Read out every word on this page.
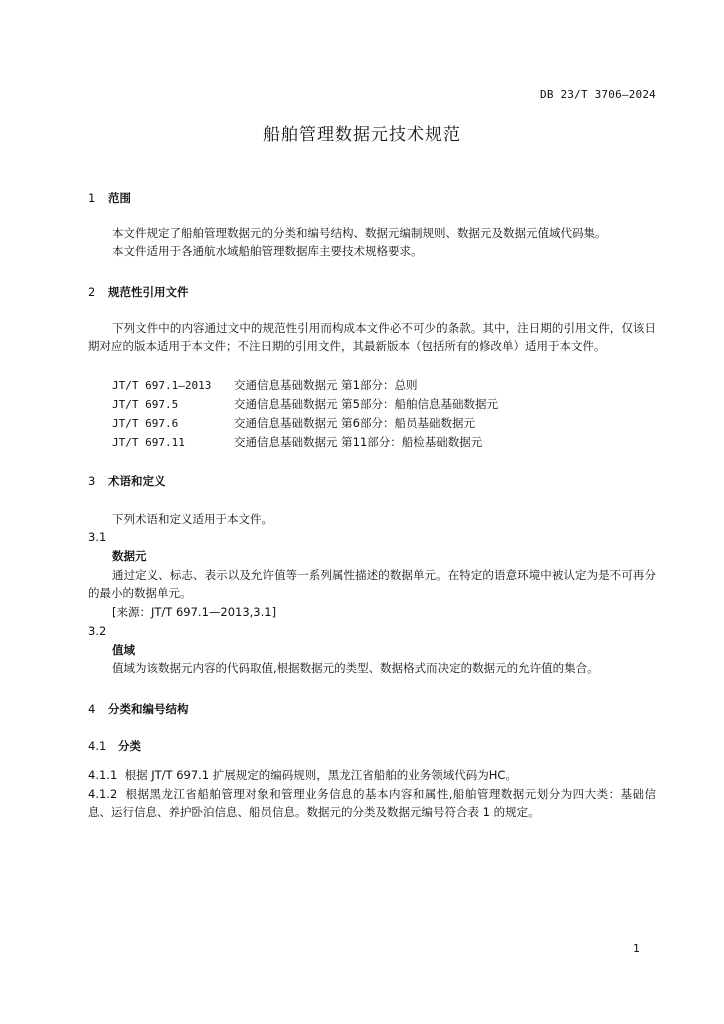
DB 23/T 3706—2024
船舶管理数据元技术规范
1 范围
本文件规定了船舶管理数据元的分类和编号结构、数据元编制规则、数据元及数据元值域代码集。
本文件适用于各通航水域船舶管理数据库主要技术规格要求。
2 规范性引用文件
下列文件中的内容通过文中的规范性引用而构成本文件必不可少的条款。其中，注日期的引用文件，仅该日期对应的版本适用于本文件；不注日期的引用文件，其最新版本（包括所有的修改单）适用于本文件。
JT/T 697.1—2013 交通信息基础数据元 第1部分：总则
JT/T 697.5	交通信息基础数据元 第5部分：船舶信息基础数据元
JT/T 697.6	交通信息基础数据元 第6部分：船员基础数据元
JT/T 697.11	交通信息基础数据元 第11部分：船检基础数据元
3 术语和定义
下列术语和定义适用于本文件。
3.1
数据元
通过定义、标志、表示以及允许值等一系列属性描述的数据单元。在特定的语意环境中被认定为是不可再分的最小的数据单元。
[来源：JT/T 697.1—2013,3.1]
3.2
值域
值域为该数据元内容的代码取值,根据数据元的类型、数据格式而决定的数据元的允许值的集合。
4 分类和编号结构
4.1 分类
4.1.1 根据 JT/T 697.1 扩展规定的编码规则，黑龙江省船舶的业务领域代码为HC。
4.1.2 根据黑龙江省船舶管理对象和管理业务信息的基本内容和属性,船舶管理数据元划分为四大类：基础信息、运行信息、养护卧泊信息、船员信息。数据元的分类及数据元编号符合表 1 的规定。
1
